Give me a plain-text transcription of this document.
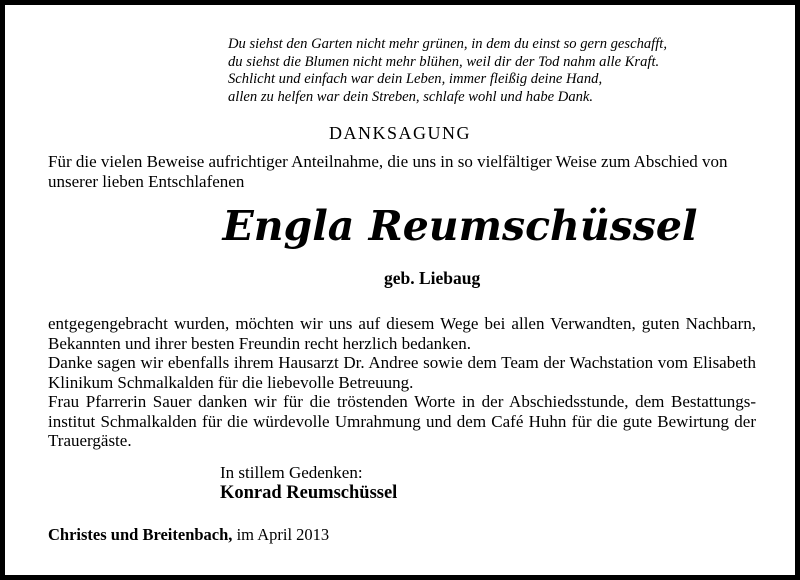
Du siehst den Garten nicht mehr grünen, in dem du einst so gern geschafft,
du siehst die Blumen nicht mehr blühen, weil dir der Tod nahm alle Kraft.
Schlicht und einfach war dein Leben, immer fleißig deine Hand,
allen zu helfen war dein Streben, schlafe wohl und habe Dank.
DANKSAGUNG
Für die vielen Beweise aufrichtiger Anteilnahme, die uns in so vielfältiger Weise zum Abschied von unserer lieben Entschlafenen
Engla Reumschüssel
geb. Liebaug

entgegengebracht wurden, möchten wir uns auf diesem Wege bei allen Verwandten, guten Nachbarn, Bekannten und ihrer besten Freundin recht herzlich bedanken.

Danke sagen wir ebenfalls ihrem Hausarzt Dr. Andree sowie dem Team der Wachstation vom Elisabeth Klinikum Schmalkalden für die liebevolle Betreuung.

Frau Pfarrerin Sauer danken wir für die tröstenden Worte in der Abschiedsstunde, dem Bestattungs-institut Schmalkalden für die würdevolle Umrahmung und dem Café Huhn für die gute Bewirtung der Trauergäste.

In stillem Gedenken:
Konrad Reumschüssel
Christes und Breitenbach, im April 2013
